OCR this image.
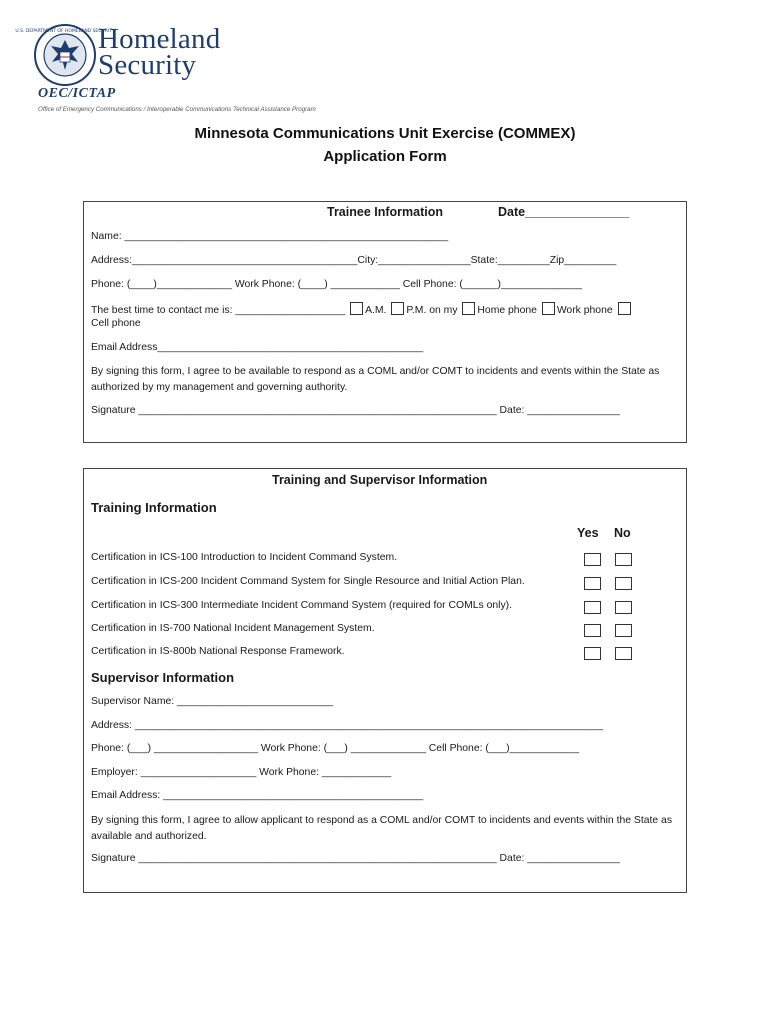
U.S. DEPARTMENT OF HOMELAND SECURITY
Homeland
Security
OEC/ICTAP
Office of Emergency Communications / Interoperable Communications Technical Assistance Program
Minnesota Communications Unit Exercise (COMMEX)
Application Form
Trainee Information	Date_______________
Name: ________________________________________________________
Address:_______________________________________City:________________State:_________Zip_________
Phone: (____)_____________ Work Phone: (____) ____________ Cell Phone: (______)______________
The best time to contact me is: ___________________ A.M. P.M. on my Home phone Work phone
Cell phone
Email Address______________________________________________
By signing this form, I agree to be available to respond as a COML and/or COMT to incidents and events within the State as authorized by my management and governing authority.
Signature ______________________________________________________________ Date: ________________
Training and Supervisor Information
Training Information
Yes No
Certification in ICS-100 Introduction to Incident Command System.
Certification in ICS-200 Incident Command System for Single Resource and Initial Action Plan.
Certification in ICS-300 Intermediate Incident Command System (required for COMLs only).
Certification in IS-700 National Incident Management System.
Certification in IS-800b National Response Framework.
Supervisor Information
Supervisor Name: ___________________________
Address: _________________________________________________________________________________
Phone: (___) __________________ Work Phone: (___) _____________ Cell Phone: (___)____________
Employer: ____________________ Work Phone: ____________
Email Address: _____________________________________________
By signing this form, I agree to allow applicant to respond as a COML and/or COMT to incidents and events within the State as available and authorized.
Signature ______________________________________________________________ Date: ________________
